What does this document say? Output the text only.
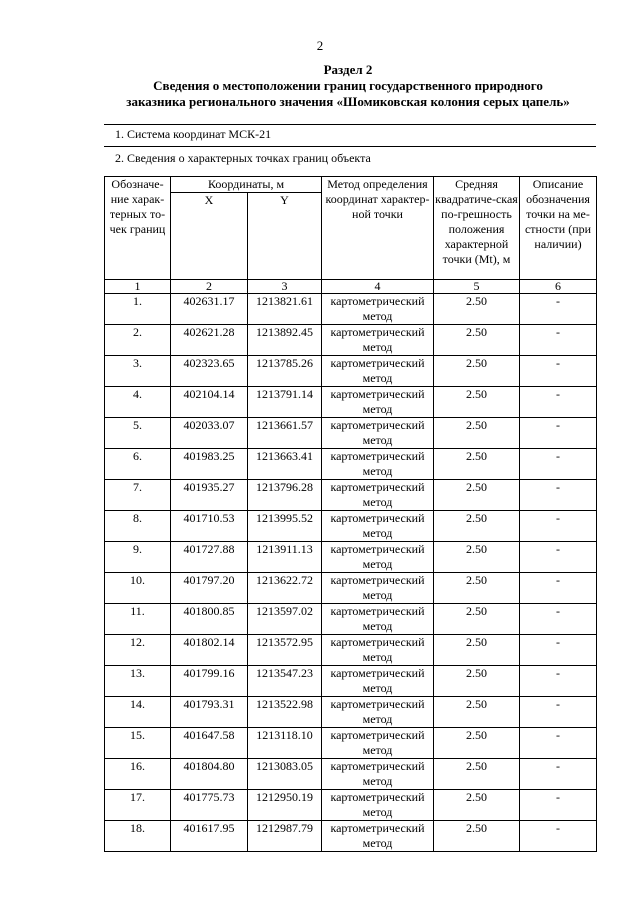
2
Раздел 2
Сведения о местоположении границ государственного природного
заказника регионального значения «Шомиковская колония серых цапель»
1. Система координат МСК-21
2. Сведения о характерных точках границ объекта
Обозначе-ние харак-терных то-чек границ	Координаты, м		Метод определения координат характер-ной точки	Средняя квадратиче-ская по-грешность положения характерной точки (Mt), м	Описание обозначения точки на ме-стности (при наличии)
	X	Y			
1	2	3	4	5	6
1.	402631.17	1213821.61	картометрический метод	2.50	-
2.	402621.28	1213892.45	картометрический метод	2.50	-
3.	402323.65	1213785.26	картометрический метод	2.50	-
4.	402104.14	1213791.14	картометрический метод	2.50	-
5.	402033.07	1213661.57	картометрический метод	2.50	-
6.	401983.25	1213663.41	картометрический метод	2.50	-
7.	401935.27	1213796.28	картометрический метод	2.50	-
8.	401710.53	1213995.52	картометрический метод	2.50	-
9.	401727.88	1213911.13	картометрический метод	2.50	-
10.	401797.20	1213622.72	картометрический метод	2.50	-
11.	401800.85	1213597.02	картометрический метод	2.50	-
12.	401802.14	1213572.95	картометрический метод	2.50	-
13.	401799.16	1213547.23	картометрический метод	2.50	-
14.	401793.31	1213522.98	картометрический метод	2.50	-
15.	401647.58	1213118.10	картометрический метод	2.50	-
16.	401804.80	1213083.05	картометрический метод	2.50	-
17.	401775.73	1212950.19	картометрический метод	2.50	-
18.	401617.95	1212987.79	картометрический метод	2.50	-
